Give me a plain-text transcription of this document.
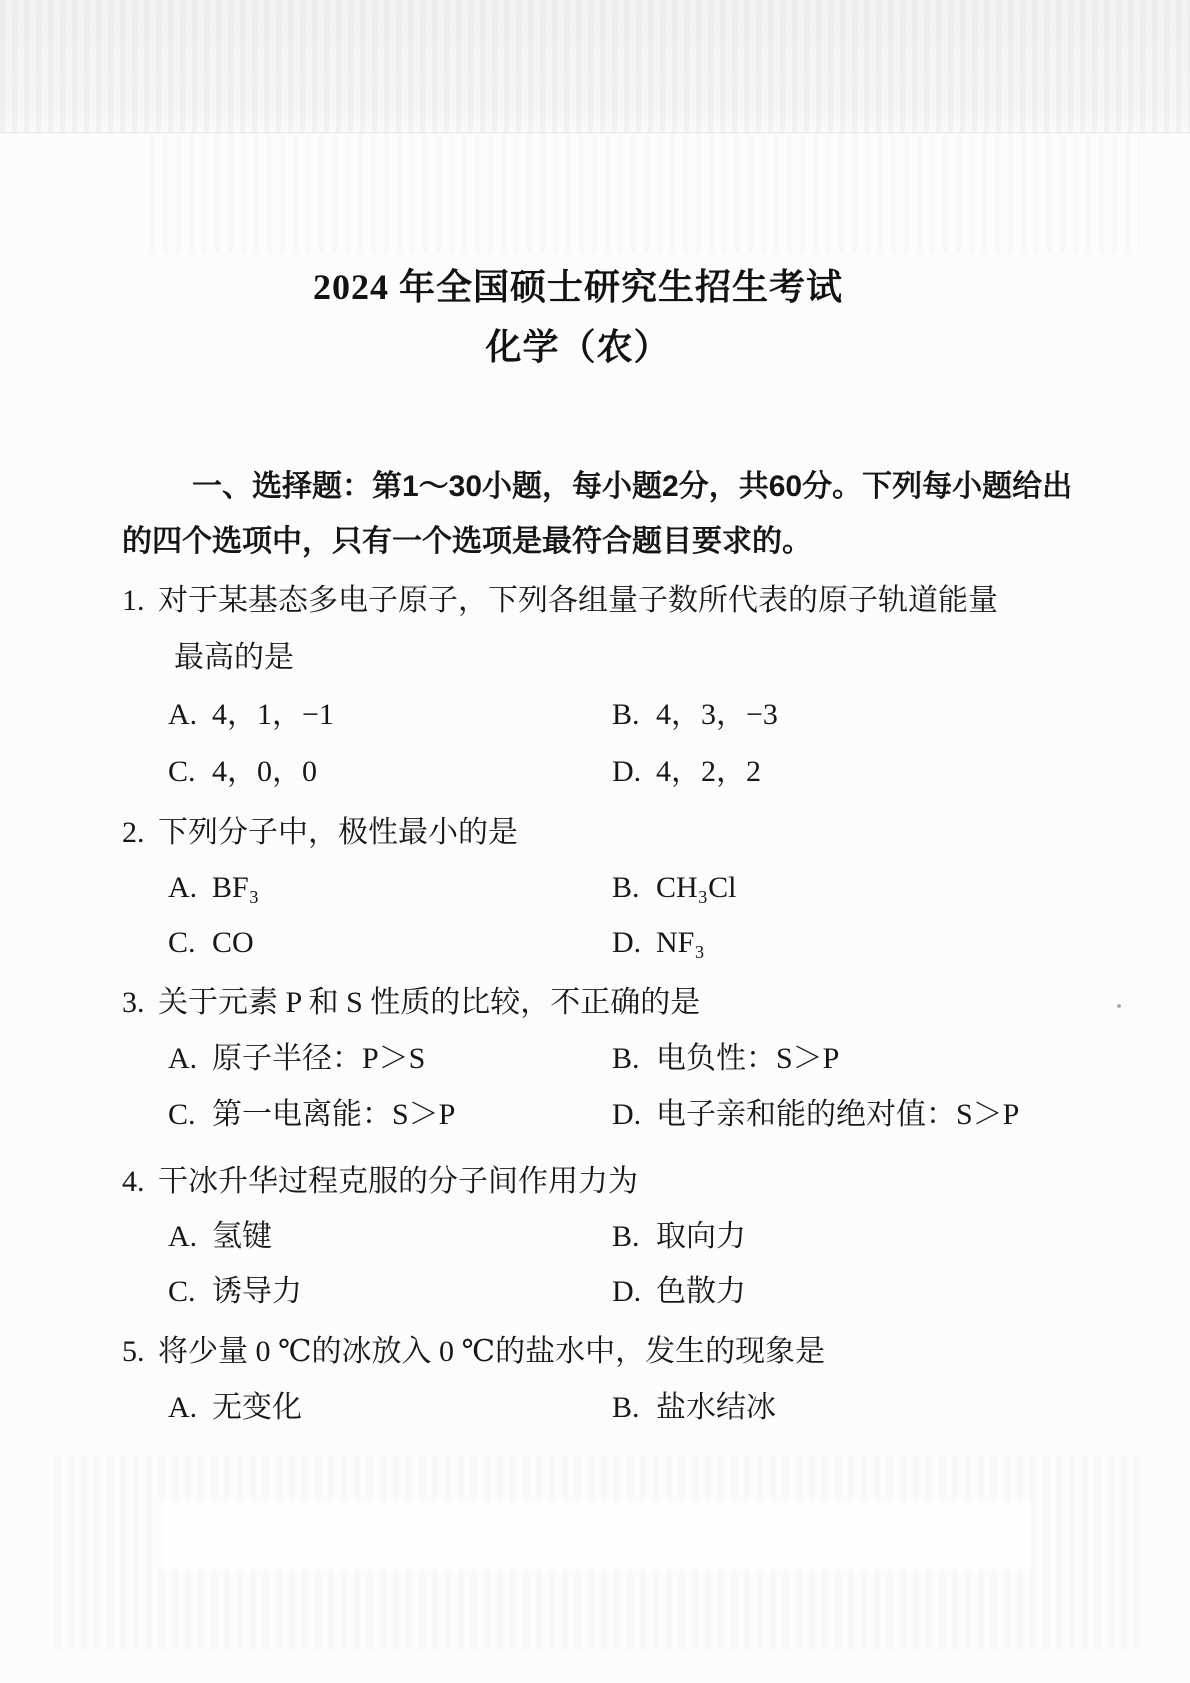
2024 年全国硕士研究生招生考试
化学（农）
一、选择题：第1～30小题，每小题2分，共60分。下列每小题给出
的四个选项中，只有一个选项是最符合题目要求的。
1. 对于某基态多电子原子，下列各组量子数所代表的原子轨道能量
最高的是
A. 4，1，−1	B. 4，3，−3
C. 4，0，0	D. 4，2，2
2. 下列分子中，极性最小的是
A. BF₃	B. CH₃Cl
C. CO	D. NF₃
3. 关于元素 P 和 S 性质的比较，不正确的是
A. 原子半径：P＞S	B. 电负性：S＞P
C. 第一电离能：S＞P	D. 电子亲和能的绝对值：S＞P
4. 干冰升华过程克服的分子间作用力为
A. 氢键	B. 取向力
C. 诱导力	D. 色散力
5. 将少量 0 ℃的冰放入 0 ℃的盐水中，发生的现象是
A. 无变化	B. 盐水结冰
